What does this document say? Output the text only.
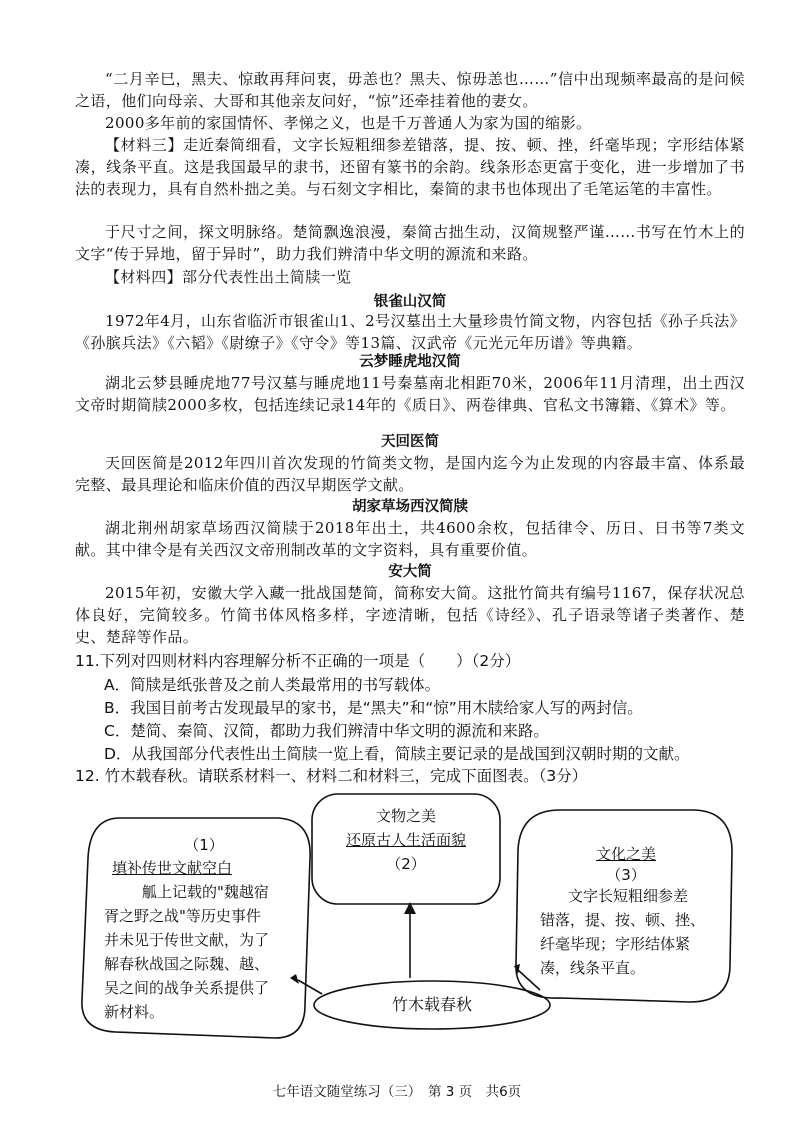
“二月辛巳，黑夫、惊敢再拜问衷，毋恙也？黑夫、惊毋恙也……”信中出现频率最高的是问候之语，他们向母亲、大哥和其他亲友问好，“惊”还牵挂着他的妻女。

2000多年前的家国情怀、孝悌之义，也是千万普通人为家为国的缩影。

【材料三】走近秦简细看，文字长短粗细参差错落，提、按、顿、挫，纤毫毕现；字形结体紧凑，线条平直。这是我国最早的隶书，还留有篆书的余韵。线条形态更富于变化，进一步增加了书法的表现力，具有自然朴拙之美。与石刻文字相比，秦简的隶书也体现出了毛笔运笔的丰富性。

于尺寸之间，探文明脉络。楚简飘逸浪漫，秦简古拙生动，汉简规整严谨……书写在竹木上的文字“传于异地，留于异时”，助力我们辨清中华文明的源流和来路。

【材料四】部分代表性出土简牍一览

银雀山汉简

1972年4月，山东省临沂市银雀山1、2号汉墓出土大量珍贵竹简文物，内容包括《孙子兵法》《孙膑兵法》《六韬》《尉缭子》《守令》等13篇、汉武帝《元光元年历谱》等典籍。

云梦睡虎地汉简

湖北云梦县睡虎地77号汉墓与睡虎地11号秦墓南北相距70米，2006年11月清理，出土西汉文帝时期简牍2000多枚，包括连续记录14年的《质日》、两卷律典、官私文书簿籍、《算术》等。

天回医简

天回医简是2012年四川首次发现的竹简类文物，是国内迄今为止发现的内容最丰富、体系最完整、最具理论和临床价值的西汉早期医学文献。

胡家草场西汉简牍

湖北荆州胡家草场西汉简牍于2018年出土，共4600余枚，包括律令、历日、日书等7类文献。其中律令是有关西汉文帝刑制改革的文字资料，具有重要价值。

安大简

2015年初，安徽大学入藏一批战国楚简，简称安大简。这批竹简共有编号1167，保存状况总体良好，完简较多。竹简书体风格多样，字迹清晰，包括《诗经》、孔子语录等诸子类著作、楚史、楚辞等作品。

11.下列对四则材料内容理解分析不正确的一项是（　　）（2分）

A．简牍是纸张普及之前人类最常用的书写载体。

B．我国目前考古发现最早的家书，是“黑夫”和“惊”用木牍给家人写的两封信。

C．楚简、秦简、汉简，都助力我们辨清中华文明的源流和来路。

D．从我国部分代表性出土简牍一览上看，简牍主要记录的是战国到汉朝时期的文献。

12. 竹木载春秋。请联系材料一、材料二和材料三，完成下面图表。（3分）

文物之美
还原古人生活面貌
（2）
（1）
填补传世文献空白
觚上记载的"魏越宿
胥之野之战"等历史事件
并未见于传世文献，为了
解春秋战国之际魏、越、
吴之间的战争关系提供了
新材料。
文化之美
（3）
文字长短粗细参差
错落，提、按、顿、挫、
纤毫毕现；字形结体紧
凑，线条平直。
竹木载春秋
七年语文随堂练习（三）　第 3 页　共6页
